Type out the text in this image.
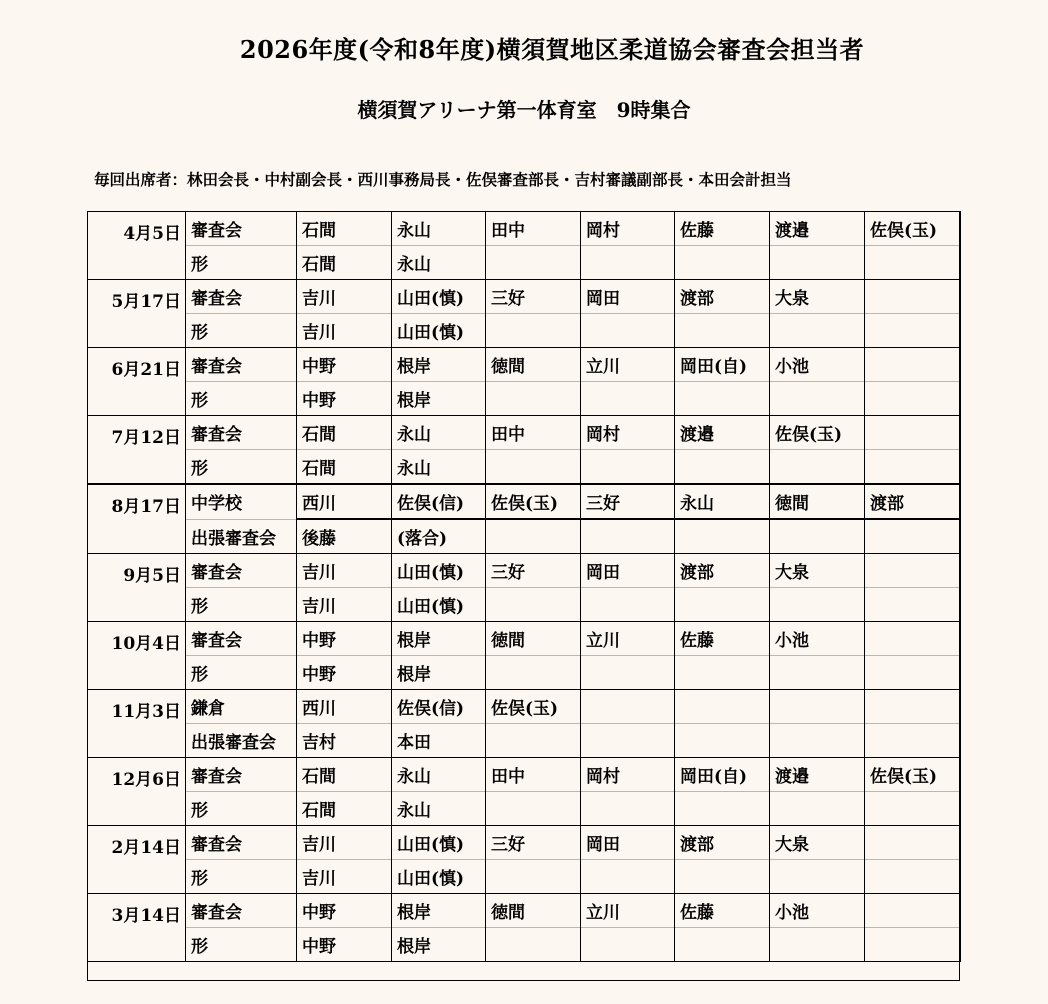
2026年度(令和8年度)横須賀地区柔道協会審査会担当者
横須賀アリーナ第一体育室　9時集合
毎回出席者：林田会長・中村副会長・西川事務局長・佐俣審査部長・吉村審議副部長・本田会計担当
4月5日	審査会	石間	永山	田中	岡村	佐藤	渡邉	佐俣(玉)
	形	石間	永山					
5月17日	審査会	吉川	山田(慎)	三好	岡田	渡部	大泉	
	形	吉川	山田(慎)					
6月21日	審査会	中野	根岸	徳間	立川	岡田(自)	小池	
	形	中野	根岸					
7月12日	審査会	石間	永山	田中	岡村	渡邉	佐俣(玉)	
	形	石間	永山					
8月17日	中学校	西川	佐俣(信)	佐俣(玉)	三好	永山	徳間	渡部
	出張審査会	後藤	(落合)					
9月5日	審査会	吉川	山田(慎)	三好	岡田	渡部	大泉	
	形	吉川	山田(慎)					
10月4日	審査会	中野	根岸	徳間	立川	佐藤	小池	
	形	中野	根岸					
11月3日	鎌倉	西川	佐俣(信)	佐俣(玉)				
	出張審査会	吉村	本田					
12月6日	審査会	石間	永山	田中	岡村	岡田(自)	渡邉	佐俣(玉)
	形	石間	永山					
2月14日	審査会	吉川	山田(慎)	三好	岡田	渡部	大泉	
	形	吉川	山田(慎)					
3月14日	審査会	中野	根岸	徳間	立川	佐藤	小池	
	形	中野	根岸					
